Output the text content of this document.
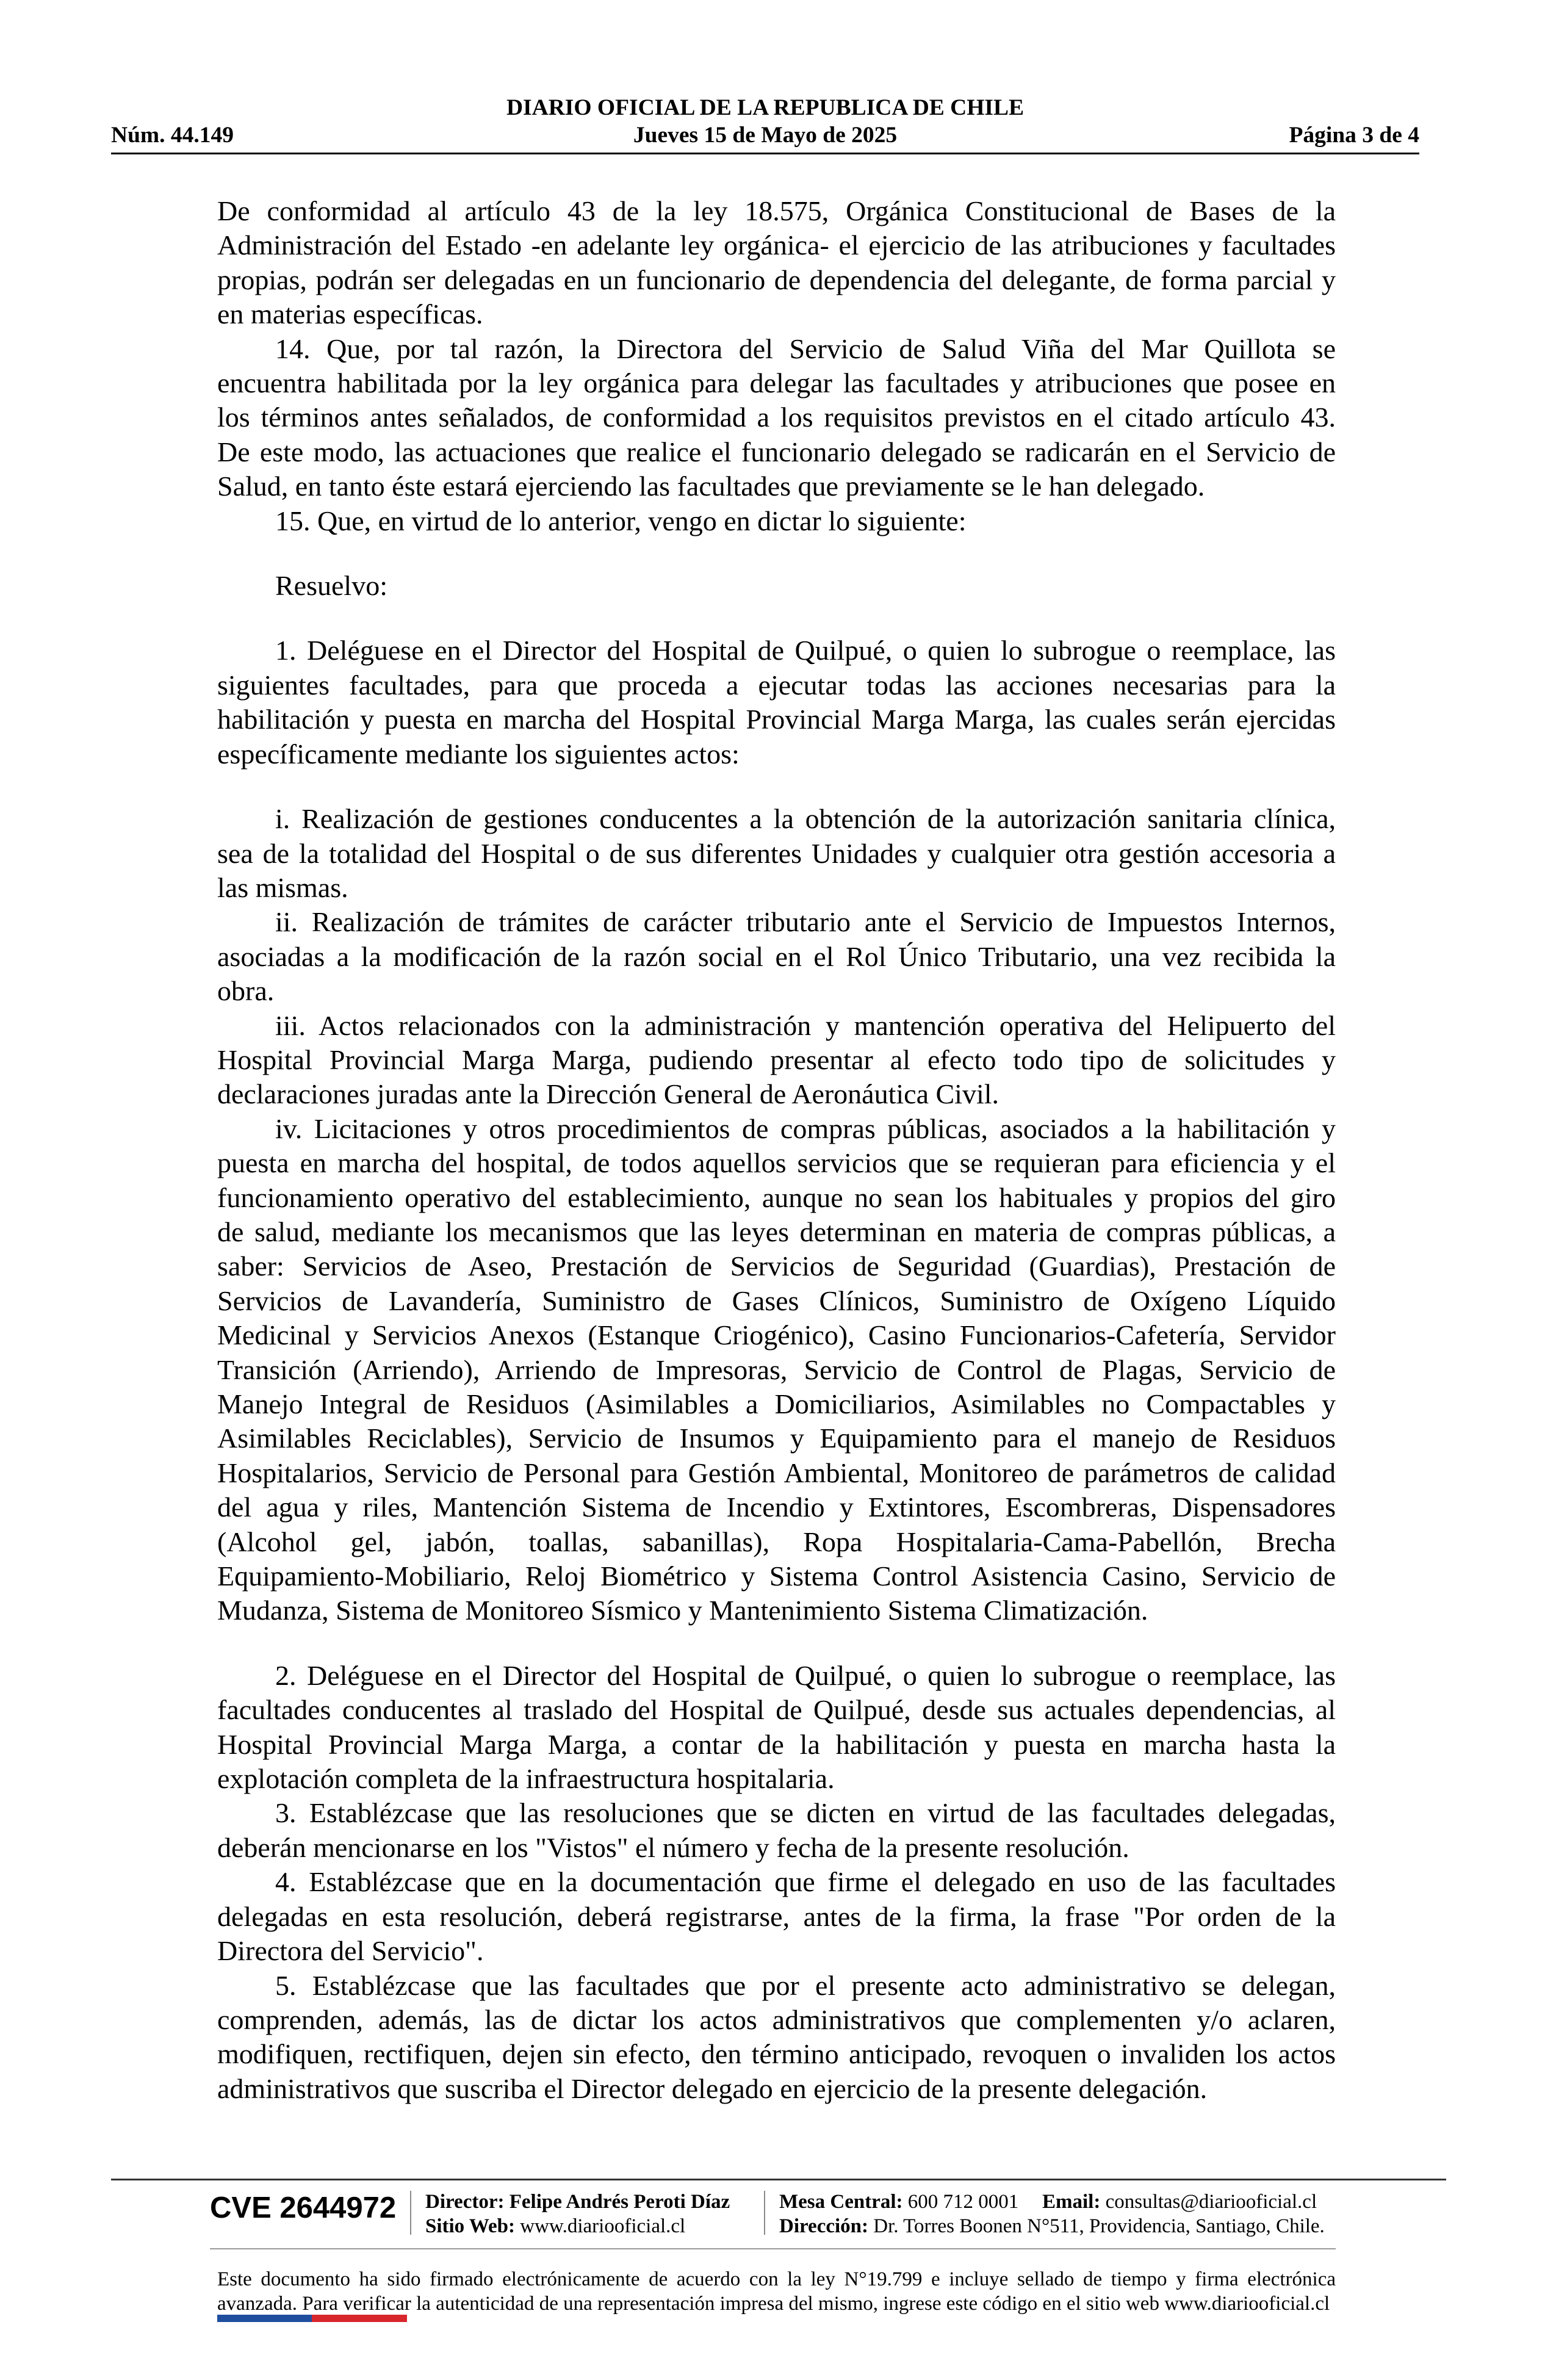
DIARIO OFICIAL DE LA REPUBLICA DE CHILE
Núm. 44.149	Jueves 15 de Mayo de 2025	Página 3 de 4
De conformidad al artículo 43 de la ley 18.575, Orgánica Constitucional de Bases de la
Administración del Estado -en adelante ley orgánica- el ejercicio de las atribuciones y facultades
propias, podrán ser delegadas en un funcionario de dependencia del delegante, de forma parcial y
en materias específicas.
14. Que, por tal razón, la Directora del Servicio de Salud Viña del Mar Quillota se
encuentra habilitada por la ley orgánica para delegar las facultades y atribuciones que posee en
los términos antes señalados, de conformidad a los requisitos previstos en el citado artículo 43.
De este modo, las actuaciones que realice el funcionario delegado se radicarán en el Servicio de
Salud, en tanto éste estará ejerciendo las facultades que previamente se le han delegado.
15. Que, en virtud de lo anterior, vengo en dictar lo siguiente:
Resuelvo:
1. Deléguese en el Director del Hospital de Quilpué, o quien lo subrogue o reemplace, las
siguientes facultades, para que proceda a ejecutar todas las acciones necesarias para la
habilitación y puesta en marcha del Hospital Provincial Marga Marga, las cuales serán ejercidas
específicamente mediante los siguientes actos:
i. Realización de gestiones conducentes a la obtención de la autorización sanitaria clínica,
sea de la totalidad del Hospital o de sus diferentes Unidades y cualquier otra gestión accesoria a
las mismas.
ii. Realización de trámites de carácter tributario ante el Servicio de Impuestos Internos,
asociadas a la modificación de la razón social en el Rol Único Tributario, una vez recibida la
obra.
iii. Actos relacionados con la administración y mantención operativa del Helipuerto del
Hospital Provincial Marga Marga, pudiendo presentar al efecto todo tipo de solicitudes y
declaraciones juradas ante la Dirección General de Aeronáutica Civil.
iv. Licitaciones y otros procedimientos de compras públicas, asociados a la habilitación y
puesta en marcha del hospital, de todos aquellos servicios que se requieran para eficiencia y el
funcionamiento operativo del establecimiento, aunque no sean los habituales y propios del giro
de salud, mediante los mecanismos que las leyes determinan en materia de compras públicas, a
saber: Servicios de Aseo, Prestación de Servicios de Seguridad (Guardias), Prestación de
Servicios de Lavandería, Suministro de Gases Clínicos, Suministro de Oxígeno Líquido
Medicinal y Servicios Anexos (Estanque Criogénico), Casino Funcionarios-Cafetería, Servidor
Transición (Arriendo), Arriendo de Impresoras, Servicio de Control de Plagas, Servicio de
Manejo Integral de Residuos (Asimilables a Domiciliarios, Asimilables no Compactables y
Asimilables Reciclables), Servicio de Insumos y Equipamiento para el manejo de Residuos
Hospitalarios, Servicio de Personal para Gestión Ambiental, Monitoreo de parámetros de calidad
del agua y riles, Mantención Sistema de Incendio y Extintores, Escombreras, Dispensadores
(Alcohol gel, jabón, toallas, sabanillas), Ropa Hospitalaria-Cama-Pabellón, Brecha
Equipamiento-Mobiliario, Reloj Biométrico y Sistema Control Asistencia Casino, Servicio de
Mudanza, Sistema de Monitoreo Sísmico y Mantenimiento Sistema Climatización.
2. Deléguese en el Director del Hospital de Quilpué, o quien lo subrogue o reemplace, las
facultades conducentes al traslado del Hospital de Quilpué, desde sus actuales dependencias, al
Hospital Provincial Marga Marga, a contar de la habilitación y puesta en marcha hasta la
explotación completa de la infraestructura hospitalaria.
3. Establézcase que las resoluciones que se dicten en virtud de las facultades delegadas,
deberán mencionarse en los "Vistos" el número y fecha de la presente resolución.
4. Establézcase que en la documentación que firme el delegado en uso de las facultades
delegadas en esta resolución, deberá registrarse, antes de la firma, la frase "Por orden de la
Directora del Servicio".
5. Establézcase que las facultades que por el presente acto administrativo se delegan,
comprenden, además, las de dictar los actos administrativos que complementen y/o aclaren,
modifiquen, rectifiquen, dejen sin efecto, den término anticipado, revoquen o invaliden los actos
administrativos que suscriba el Director delegado en ejercicio de la presente delegación.
CVE 2644972 Director: Felipe Andrés Peroti Díaz
Sitio Web: www.diariooficial.cl
Mesa Central: 600 712 0001 Email: consultas@diariooficial.cl
Dirección: Dr. Torres Boonen N°511, Providencia, Santiago, Chile.
Este documento ha sido firmado electrónicamente de acuerdo con la ley N°19.799 e incluye sellado de tiempo y firma electrónica
avanzada. Para verificar la autenticidad de una representación impresa del mismo, ingrese este código en el sitio web www.diariooficial.cl
